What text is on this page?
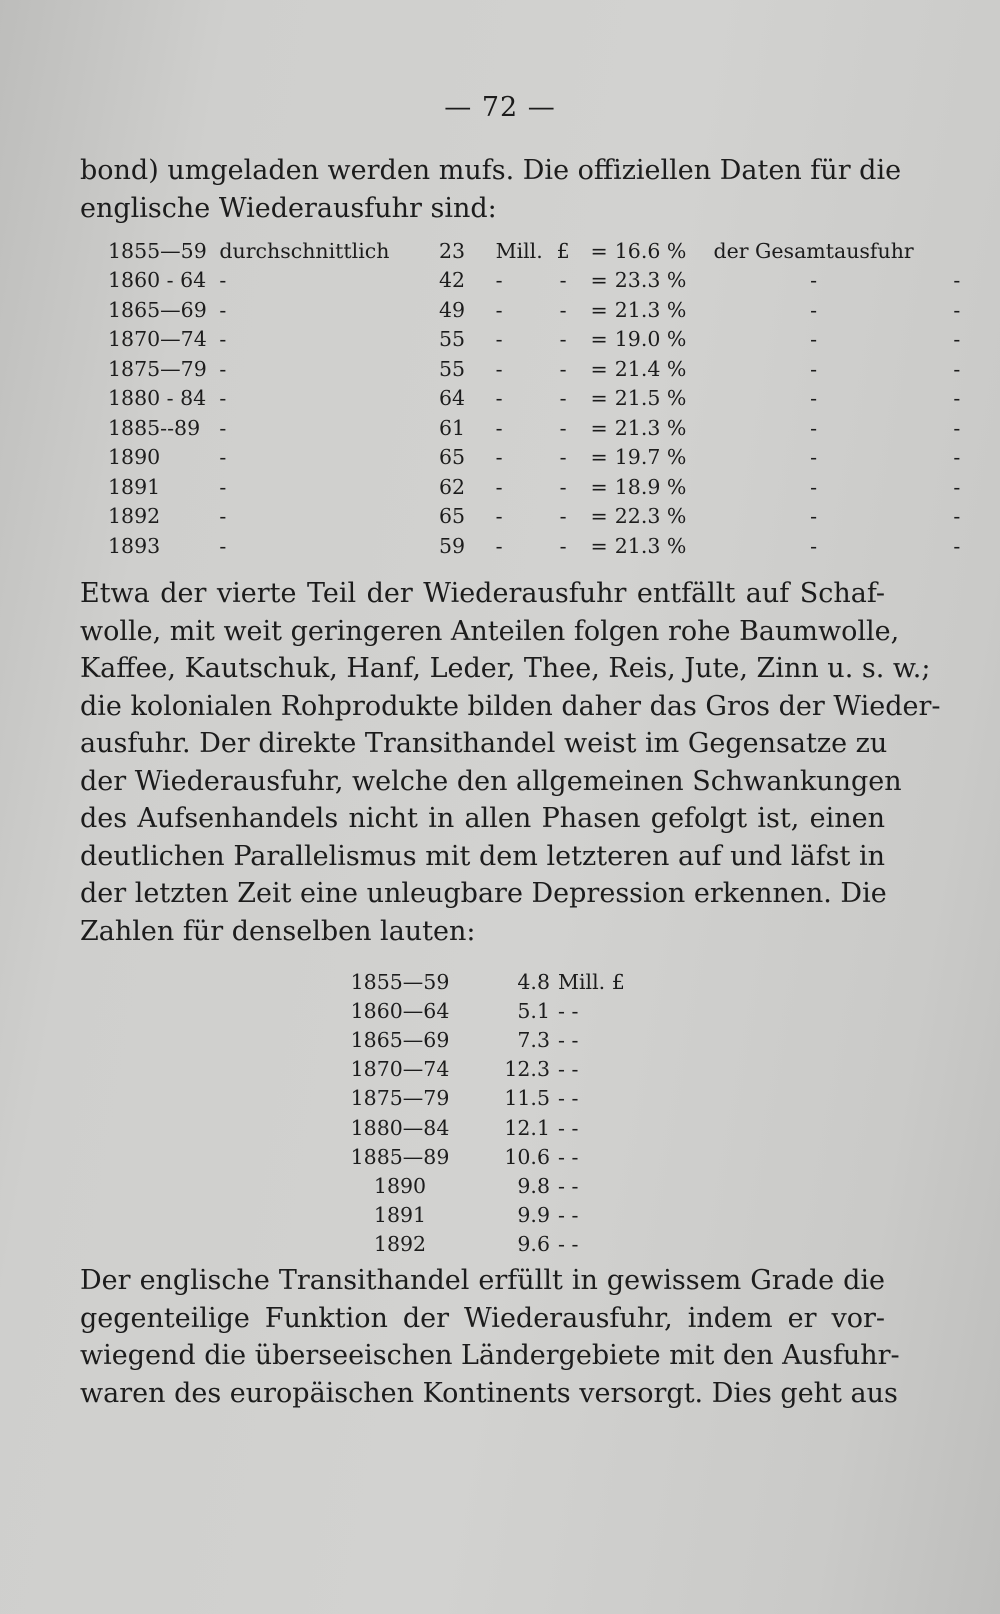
— 72 —
bond) umgeladen werden mufs. Die offiziellen Daten für die
englische Wiederausfuhr sind:
1855—59	durchschnittlich	23	Mill.	£	=	16.6 %	der Gesamtausfuhr	
1860 - 64	-	42	-	-	=	23.3 %	-	-
1865—69	-	49	-	-	=	21.3 %	-	-
1870—74	-	55	-	-	=	19.0 %	-	-
1875—79	-	55	-	-	=	21.4 %	-	-
1880 - 84	-	64	-	-	=	21.5 %	-	-
1885--89	-	61	-	-	=	21.3 %	-	-
1890	-	65	-	-	=	19.7 %	-	-
1891	-	62	-	-	=	18.9 %	-	-
1892	-	65	-	-	=	22.3 %	-	-
1893	-	59	-	-	=	21.3 %	-	-
Etwa der vierte Teil der Wiederausfuhr entfällt auf Schaf-
wolle, mit weit geringeren Anteilen folgen rohe Baumwolle,
Kaffee, Kautschuk, Hanf, Leder, Thee, Reis, Jute, Zinn u. s. w.;
die kolonialen Rohprodukte bilden daher das Gros der Wieder-
ausfuhr. Der direkte Transithandel weist im Gegensatze zu
der Wiederausfuhr, welche den allgemeinen Schwankungen
des Aufsenhandels nicht in allen Phasen gefolgt ist, einen
deutlichen Parallelismus mit dem letzteren auf und läfst in
der letzten Zeit eine unleugbare Depression erkennen. Die
Zahlen für denselben lauten:
1855—59	4.8	Mill. £
1860—64	5.1	- -
1865—69	7.3	- -
1870—74	12.3	- -
1875—79	11.5	- -
1880—84	12.1	- -
1885—89	10.6	- -
1890	9.8	- -
1891	9.9	- -
1892	9.6	- -
Der englische Transithandel erfüllt in gewissem Grade die
gegenteilige Funktion der Wiederausfuhr, indem er vor-
wiegend die überseeischen Ländergebiete mit den Ausfuhr-
waren des europäischen Kontinents versorgt. Dies geht aus
